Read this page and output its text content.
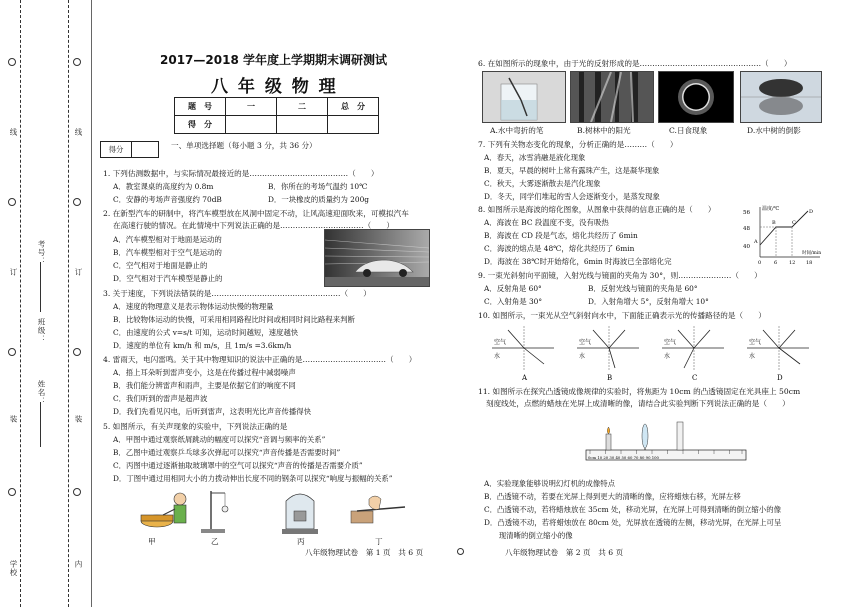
线
订
装
学校
线
订
装
内
考号：
班级：
姓名：
2017—2018 学年度上学期期末调研测试
八 年 级 物 理
题　号	一	二	总　分
得　分			
得分	一、单项选择题（每小题 3 分，共 36 分）
1. 下列估测数据中，与实际情况最接近的是…………………………………（　　）
A．教室课桌的高度约为 0.8m	B．你所在的考场气温约 10℃
C．安静的考场声音强度约 70dB	D．一块橡皮的质量约为 200g
2. 在新型汽车的研制中，将汽车模型放在风洞中固定不动，让风高速迎面吹来，可模拟汽车
在高速行驶的情况。在此情境中下列说法正确的是……………………………（　　）
A．汽车模型相对于地面是运动的
B．汽车模型相对于空气是运动的
C．空气相对于地面是静止的
D．空气相对于汽车模型是静止的
3. 关于速度，下列说法错误的是……………………………………………（　　）
A．速度的物理意义是表示物体运动快慢的物理量
B．比较物体运动的快慢，可采用相同路程比时间或相同时间比路程来判断
C．由速度的公式 v=s/t 可知，运动时间越短，速度越快
D．速度的单位有 km/h 和 m/s，且 1m/s =3.6km/h
4. 雷雨天，电闪雷鸣。关于其中物理知识的说法中正确的是……………………………（　　）
A．捂上耳朵听到雷声变小，这是在传播过程中减弱噪声
B．我们能分辨雷声和雨声，主要是依据它们的响度不同
C．我们听到的雷声是超声波
D．我们先看见闪电，后听到雷声，这表明光比声音传播得快
5. 如图所示，有关声现象的实验中，下列说法正确的是
A．甲图中通过观察纸屑跳动的幅度可以探究“音调与频率的关系”
B．乙图中通过观察乒乓球多次弹起可以探究“声音传播是否需要时间”
C．丙图中通过逐渐抽取玻璃罩中的空气可以探究“声音的传播是否需要介质”
D．丁图中通过用相同大小的力拨动伸出长度不同的钢条可以探究“响度与振幅的关系”
甲	乙	丙	丁
八年级物理试卷　第 1 页　共 6 页	八年级物理试卷　第 2 页　共 6 页
6. 在如图所示的现象中，由于光的反射形成的是…………………………………………（　　）
A.水中弯折的笔	B.树林中的阳光	C.日食现象	D.水中树的倒影
7. 下列有关物态变化的现象，分析正确的是………（　　）
A．春天，冰雪消融是液化现象
B．夏天，早晨的树叶上常有露珠产生，这是凝华现象
C．秋天，大雾逐渐散去是汽化现象
D．冬天，同学们堆起的雪人会逐渐变小，是蒸发现象
8. 如图所示是海波的熔化图象，从图象中获得的信息正确的是（　　）
A．海波在 BC 段温度不变，没有吸热
B．海波在 CD 段是气态，熔化共经历了 6min
C．海波的熔点是 48℃，熔化共经历了 6min
D．海波在 38℃时开始熔化，6min 时海波已全部熔化完
56
48
40
温度/℃
0	6 12 18
时间/min
A
B	C
D
9. 一束光斜射向平面镜，入射光线与镜面的夹角为 30°，则…………………（　　）
A．反射角是 60°	B．反射光线与镜面的夹角是 60°
C．入射角是 30°	D．入射角增大 5°，反射角增大 10°
10. 如图所示，一束光从空气斜射向水中，下面能正确表示光的传播路径的是（　　）
空气
水
空气
水
空气
水
空气
水
A	B	C	D
11. 如图所示在探究凸透镜成像规律的实验时，将焦距为 10cm 的凸透镜固定在光具座上 50cm
刻度线处，点燃的蜡烛在光屏上成清晰的像，请结合此实验判断下列说法正确的是（　　）
0cm 10 20 30 40 50 60 70 80 90 100
A．实验现象能够说明幻灯机的成像特点
B．凸透镜不动，若要在光屏上得到更大的清晰的像，应将蜡烛右移，光屏左移
C．凸透镜不动，若将蜡烛放在 35cm 处，移动光屏，在光屏上可得到清晰的倒立缩小的像
D．凸透镜不动，若将蜡烛放在 80cm 处，光屏放在透镜的左侧，移动光屏，在光屏上可呈
　　现清晰的倒立缩小的像
